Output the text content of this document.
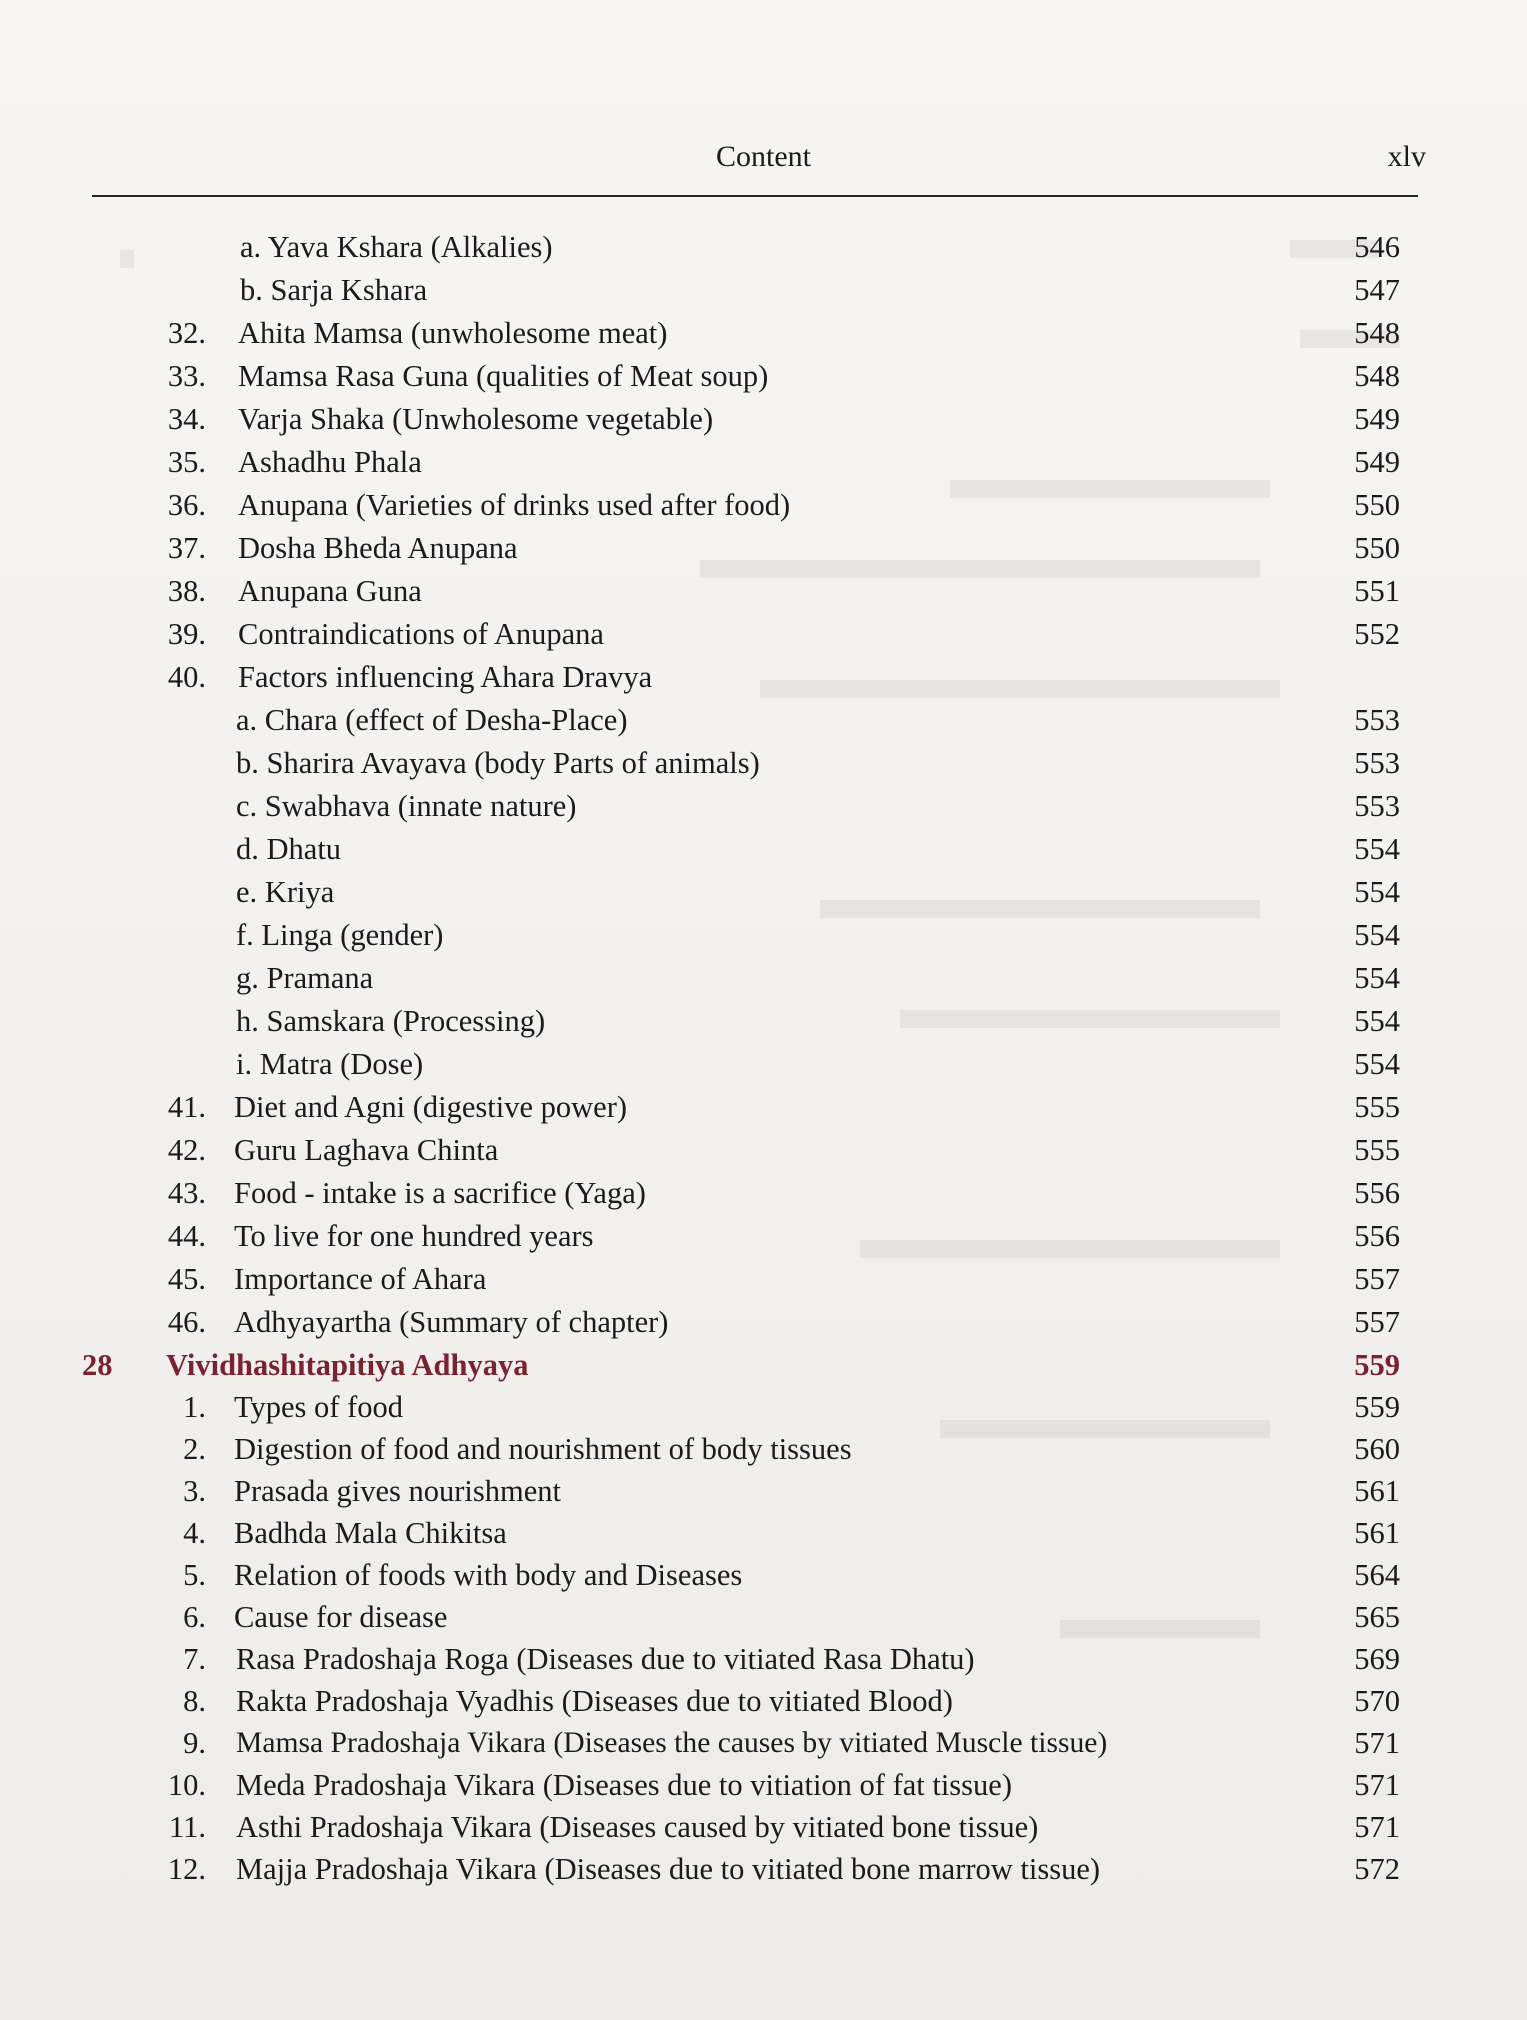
Content	xlv
a. Yava Kshara (Alkalies)	546
b. Sarja Kshara	547
32. Ahita Mamsa (unwholesome meat)	548
33. Mamsa Rasa Guna (qualities of Meat soup)	548
34. Varja Shaka (Unwholesome vegetable)	549
35. Ashadhu Phala	549
36. Anupana (Varieties of drinks used after food)	550
37. Dosha Bheda Anupana	550
38. Anupana Guna	551
39. Contraindications of Anupana	552
40. Factors influencing Ahara Dravya
a. Chara (effect of Desha-Place)	553
b. Sharira Avayava (body Parts of animals)	553
c. Swabhava (innate nature)	553
d. Dhatu	554
e. Kriya	554
f. Linga (gender)	554
g. Pramana	554
h. Samskara (Processing)	554
i. Matra (Dose)	554
41. Diet and Agni (digestive power)	555
42. Guru Laghava Chinta	555
43. Food - intake is a sacrifice (Yaga)	556
44. To live for one hundred years	556
45. Importance of Ahara	557
46. Adhyayartha (Summary of chapter)	557
28	Vividhashitapitiya Adhyaya	559
1. Types of food	559
2. Digestion of food and nourishment of body tissues	560
3. Prasada gives nourishment	561
4. Badhda Mala Chikitsa	561
5. Relation of foods with body and Diseases	564
6. Cause for disease	565
7. Rasa Pradoshaja Roga (Diseases due to vitiated Rasa Dhatu)	569
8. Rakta Pradoshaja Vyadhis (Diseases due to vitiated Blood)	570
9. Mamsa Pradoshaja Vikara (Diseases the causes by vitiated Muscle tissue)	571
10. Meda Pradoshaja Vikara (Diseases due to vitiation of fat tissue)	571
11. Asthi Pradoshaja Vikara (Diseases caused by vitiated bone tissue)	571
12. Majja Pradoshaja Vikara (Diseases due to vitiated bone marrow tissue)	572
